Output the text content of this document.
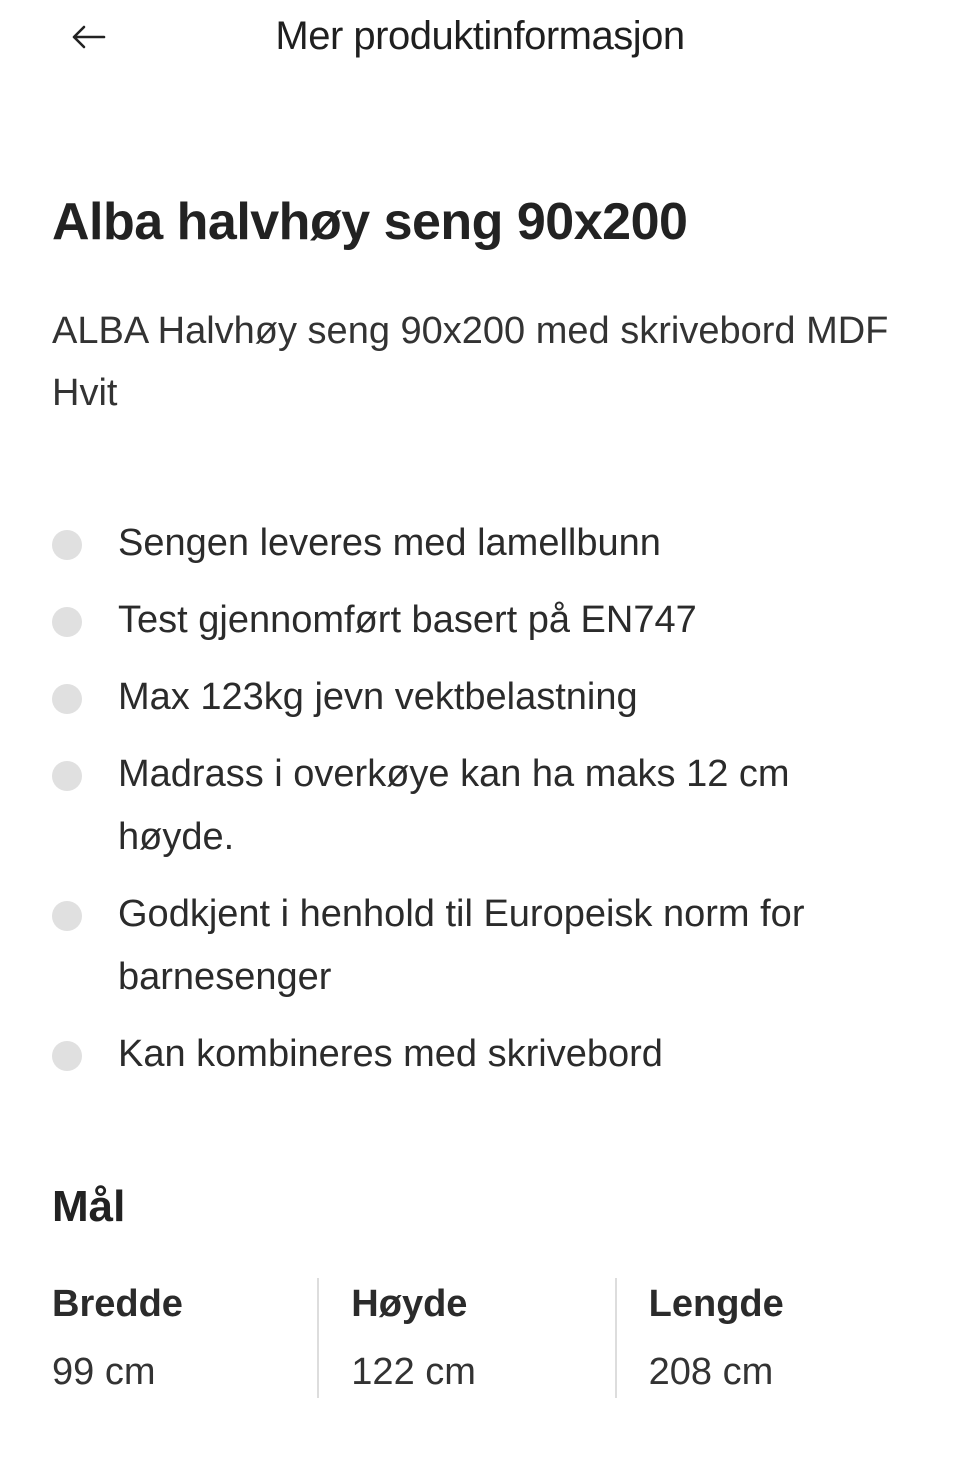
Mer produktinformasjon
Alba halvhøy seng 90x200
ALBA Halvhøy seng 90x200 med skrivebord MDF Hvit
Sengen leveres med lamellbunn
Test gjennomført basert på EN747
Max 123kg jevn vektbelastning
Madrass i overkøye kan ha maks 12 cm høyde.
Godkjent i henhold til Europeisk norm for barnesenger
Kan kombineres med skrivebord
Mål
Bredde
99 cm
Høyde
122 cm
Lengde
208 cm
